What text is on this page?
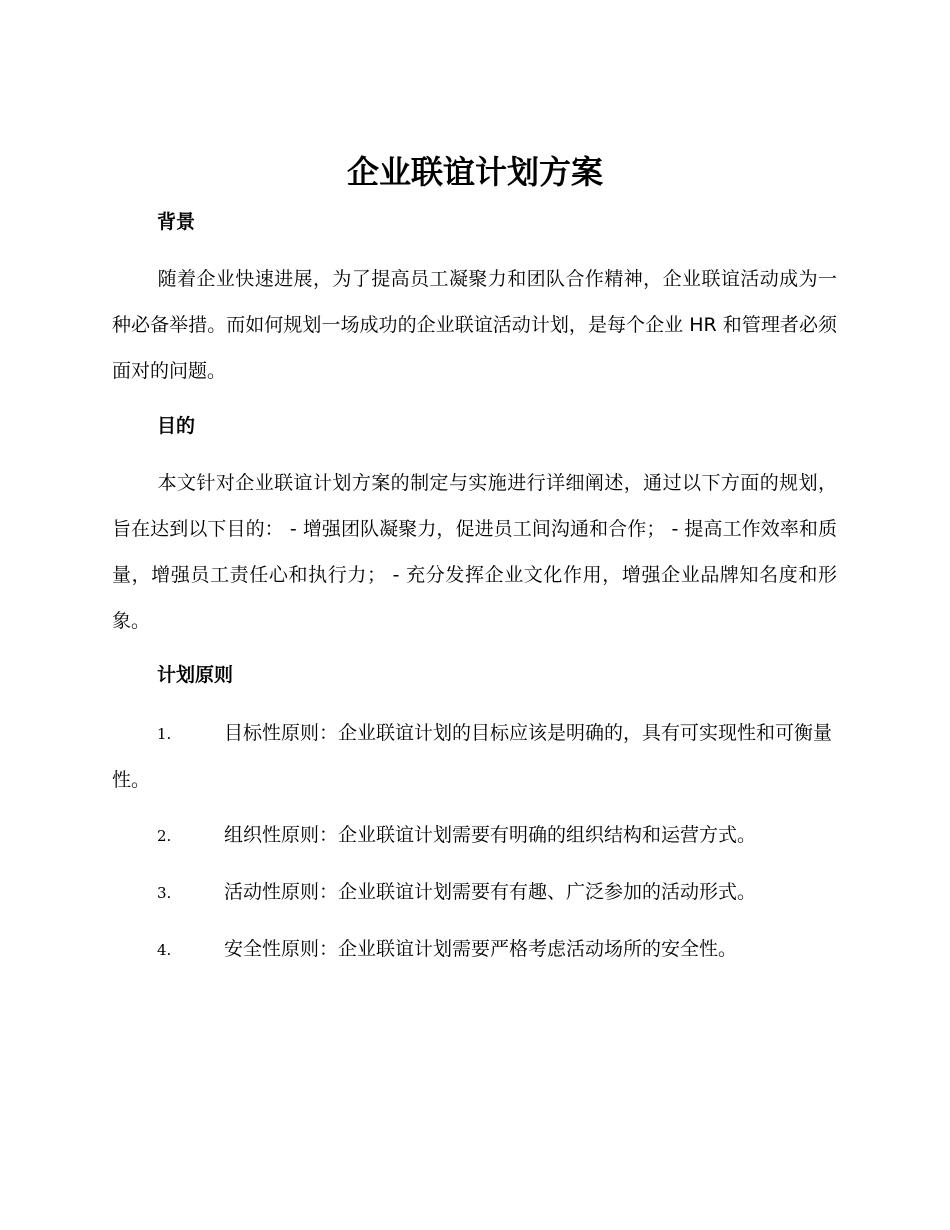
企业联谊计划方案
背景

随着企业快速进展，为了提高员工凝聚力和团队合作精神，企业联谊活动成为一种必备举措。而如何规划一场成功的企业联谊活动计划，是每个企业 HR 和管理者必须面对的问题。

目的

本文针对企业联谊计划方案的制定与实施进行详细阐述，通过以下方面的规划，旨在达到以下目的： - 增强团队凝聚力，促进员工间沟通和合作； - 提高工作效率和质量，增强员工责任心和执行力； - 充分发挥企业文化作用，增强企业品牌知名度和形象。

计划原则

1.	目标性原则：企业联谊计划的目标应该是明确的，具有可实现性和可衡量性。

2.	组织性原则：企业联谊计划需要有明确的组织结构和运营方式。

3.	活动性原则：企业联谊计划需要有有趣、广泛参加的活动形式。

4.	安全性原则：企业联谊计划需要严格考虑活动场所的安全性。
